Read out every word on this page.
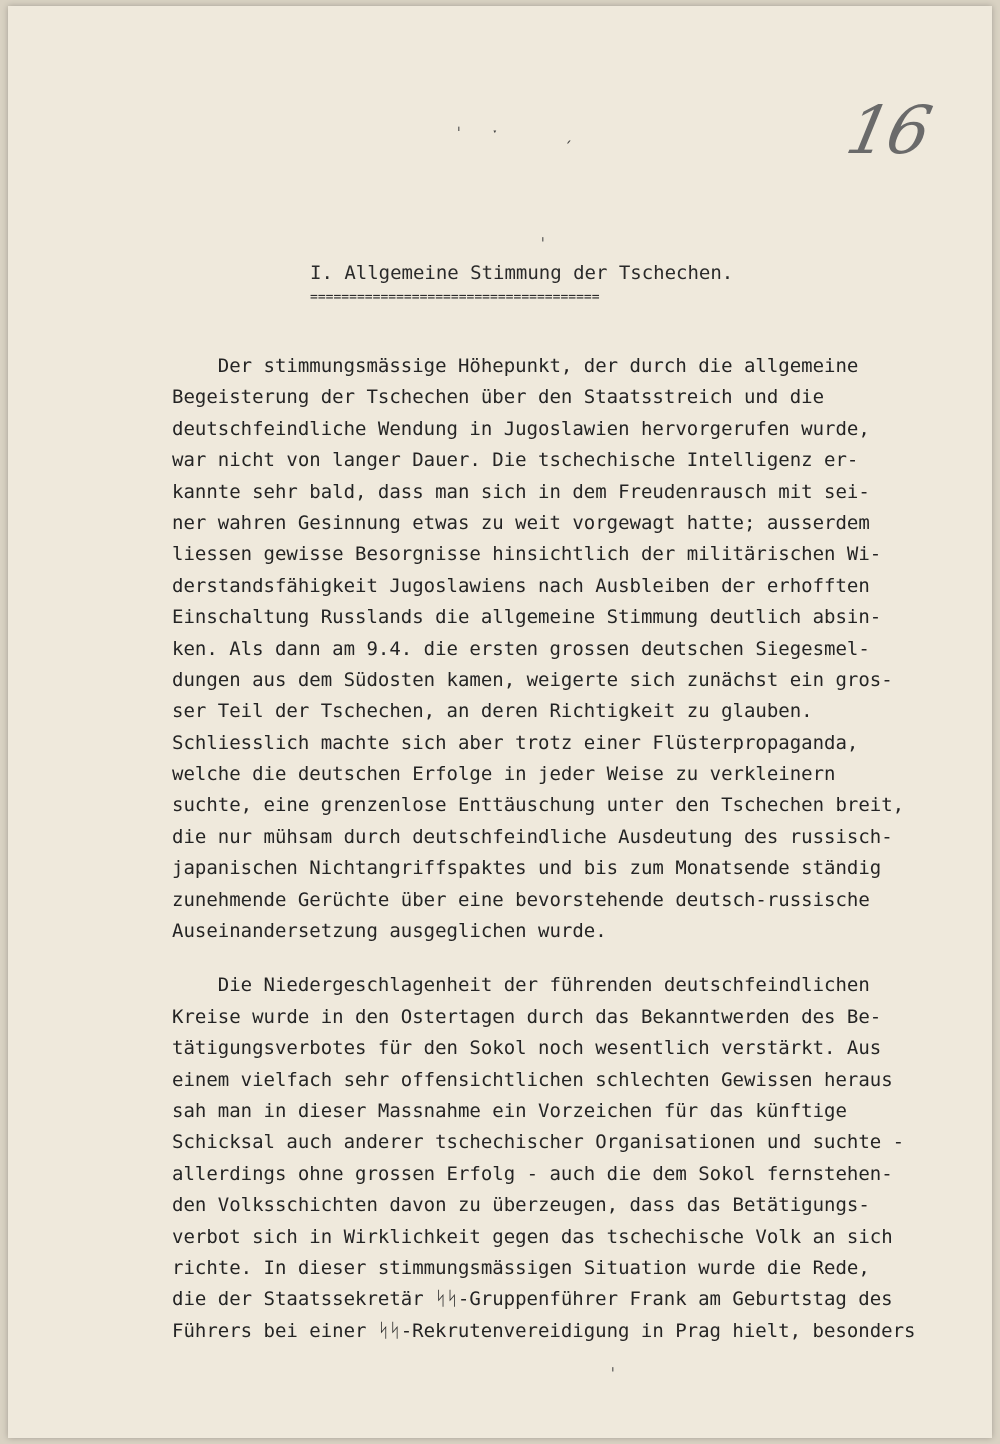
16
ˈ ˑ	ˏ
ˌ
I. Allgemeine Stimmung der Tschechen.
=====================================
Der stimmungsmässige Höhepunkt, der durch die allgemeine
Begeisterung der Tschechen über den Staatsstreich und die
deutschfeindliche Wendung in Jugoslawien hervorgerufen wurde,
war nicht von langer Dauer. Die tschechische Intelligenz er-
kannte sehr bald, dass man sich in dem Freudenrausch mit sei-
ner wahren Gesinnung etwas zu weit vorgewagt hatte; ausserdem
liessen gewisse Besorgnisse hinsichtlich der militärischen Wi-
derstandsfähigkeit Jugoslawiens nach Ausbleiben der erhofften
Einschaltung Russlands die allgemeine Stimmung deutlich absin-
ken. Als dann am 9.4. die ersten grossen deutschen Siegesmel-
dungen aus dem Südosten kamen, weigerte sich zunächst ein gros-
ser Teil der Tschechen, an deren Richtigkeit zu glauben.
Schliesslich machte sich aber trotz einer Flüsterpropaganda,
welche die deutschen Erfolge in jeder Weise zu verkleinern
suchte, eine grenzenlose Enttäuschung unter den Tschechen breit,
die nur mühsam durch deutschfeindliche Ausdeutung des russisch-
japanischen Nichtangriffspaktes und bis zum Monatsende ständig
zunehmende Gerüchte über eine bevorstehende deutsch-russische
Auseinandersetzung ausgeglichen wurde.
Die Niedergeschlagenheit der führenden deutschfeindlichen
Kreise wurde in den Ostertagen durch das Bekanntwerden des Be-
tätigungsverbotes für den Sokol noch wesentlich verstärkt. Aus
einem vielfach sehr offensichtlichen schlechten Gewissen heraus
sah man in dieser Massnahme ein Vorzeichen für das künftige
Schicksal auch anderer tschechischer Organisationen und suchte -
allerdings ohne grossen Erfolg - auch die dem Sokol fernstehen-
den Volksschichten davon zu überzeugen, dass das Betätigungs-
verbot sich in Wirklichkeit gegen das tschechische Volk an sich
richte. In dieser stimmungsmässigen Situation wurde die Rede,
die der Staatssekretär ᛋᛋ-Gruppenführer Frank am Geburtstag des
Führers bei einer ᛋᛋ-Rekrutenvereidigung in Prag hielt, besonders
ˌ
